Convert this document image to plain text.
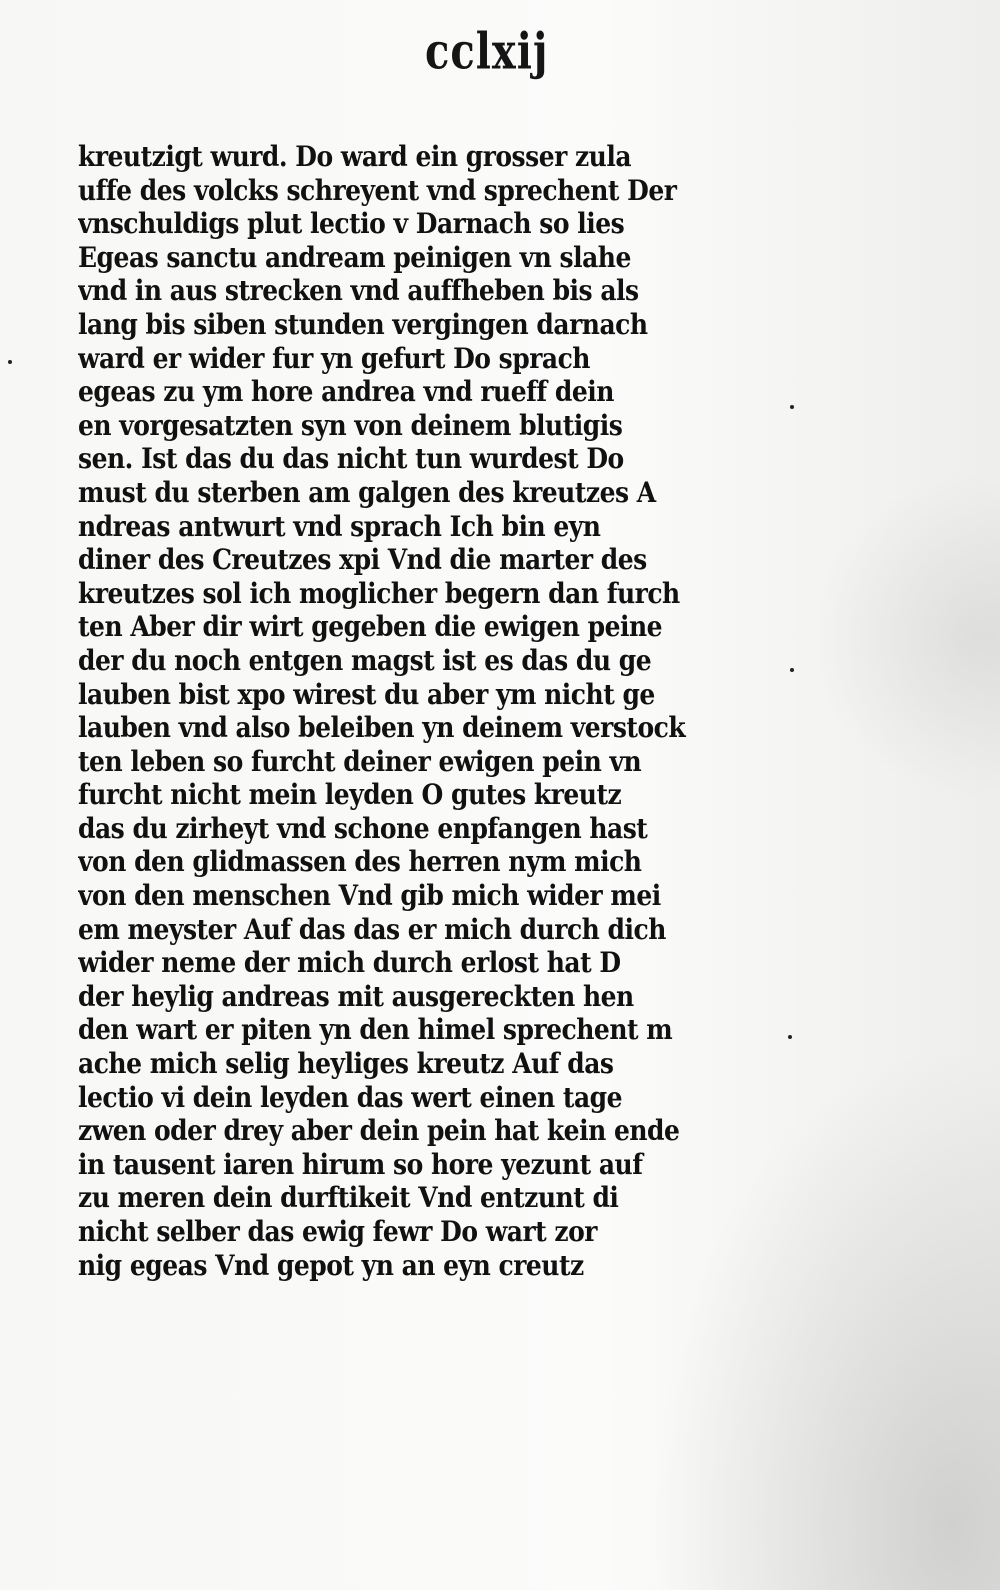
cclxij
kreutzigt wurd. Do ward ein grosser zula
uffe des volcks schreyent vnd sprechent Der
vnschuldigs plut lectio v Darnach so lies
Egeas sanctu andream peinigen vn slahe
vnd in aus strecken vnd auffheben bis als
lang bis siben stunden vergingen darnach
ward er wider fur yn gefurt Do sprach
egeas zu ym hore andrea vnd rueff dein
en vorgesatzten syn von deinem blutigis
sen. Ist das du das nicht tun wurdest Do
must du sterben am galgen des kreutzes A
ndreas antwurt vnd sprach Ich bin eyn
diner des Creutzes xpi Vnd die marter des
kreutzes sol ich moglicher begern dan furch
ten Aber dir wirt gegeben die ewigen peine
der du noch entgen magst ist es das du ge
lauben bist xpo wirest du aber ym nicht ge
lauben vnd also beleiben yn deinem verstock
ten leben so furcht deiner ewigen pein vn
furcht nicht mein leyden O gutes kreutz
das du zirheyt vnd schone enpfangen hast
von den glidmassen des herren nym mich
von den menschen Vnd gib mich wider mei
em meyster Auf das das er mich durch dich
wider neme der mich durch erlost hat D
der heylig andreas mit ausgereckten hen
den wart er piten yn den himel sprechent m
ache mich selig heyliges kreutz Auf das
lectio vi dein leyden das wert einen tage
zwen oder drey aber dein pein hat kein ende
in tausent iaren hirum so hore yezunt auf
zu meren dein durftikeit Vnd entzunt di
nicht selber das ewig fewr Do wart zor
nig egeas Vnd gepot yn an eyn creutz
